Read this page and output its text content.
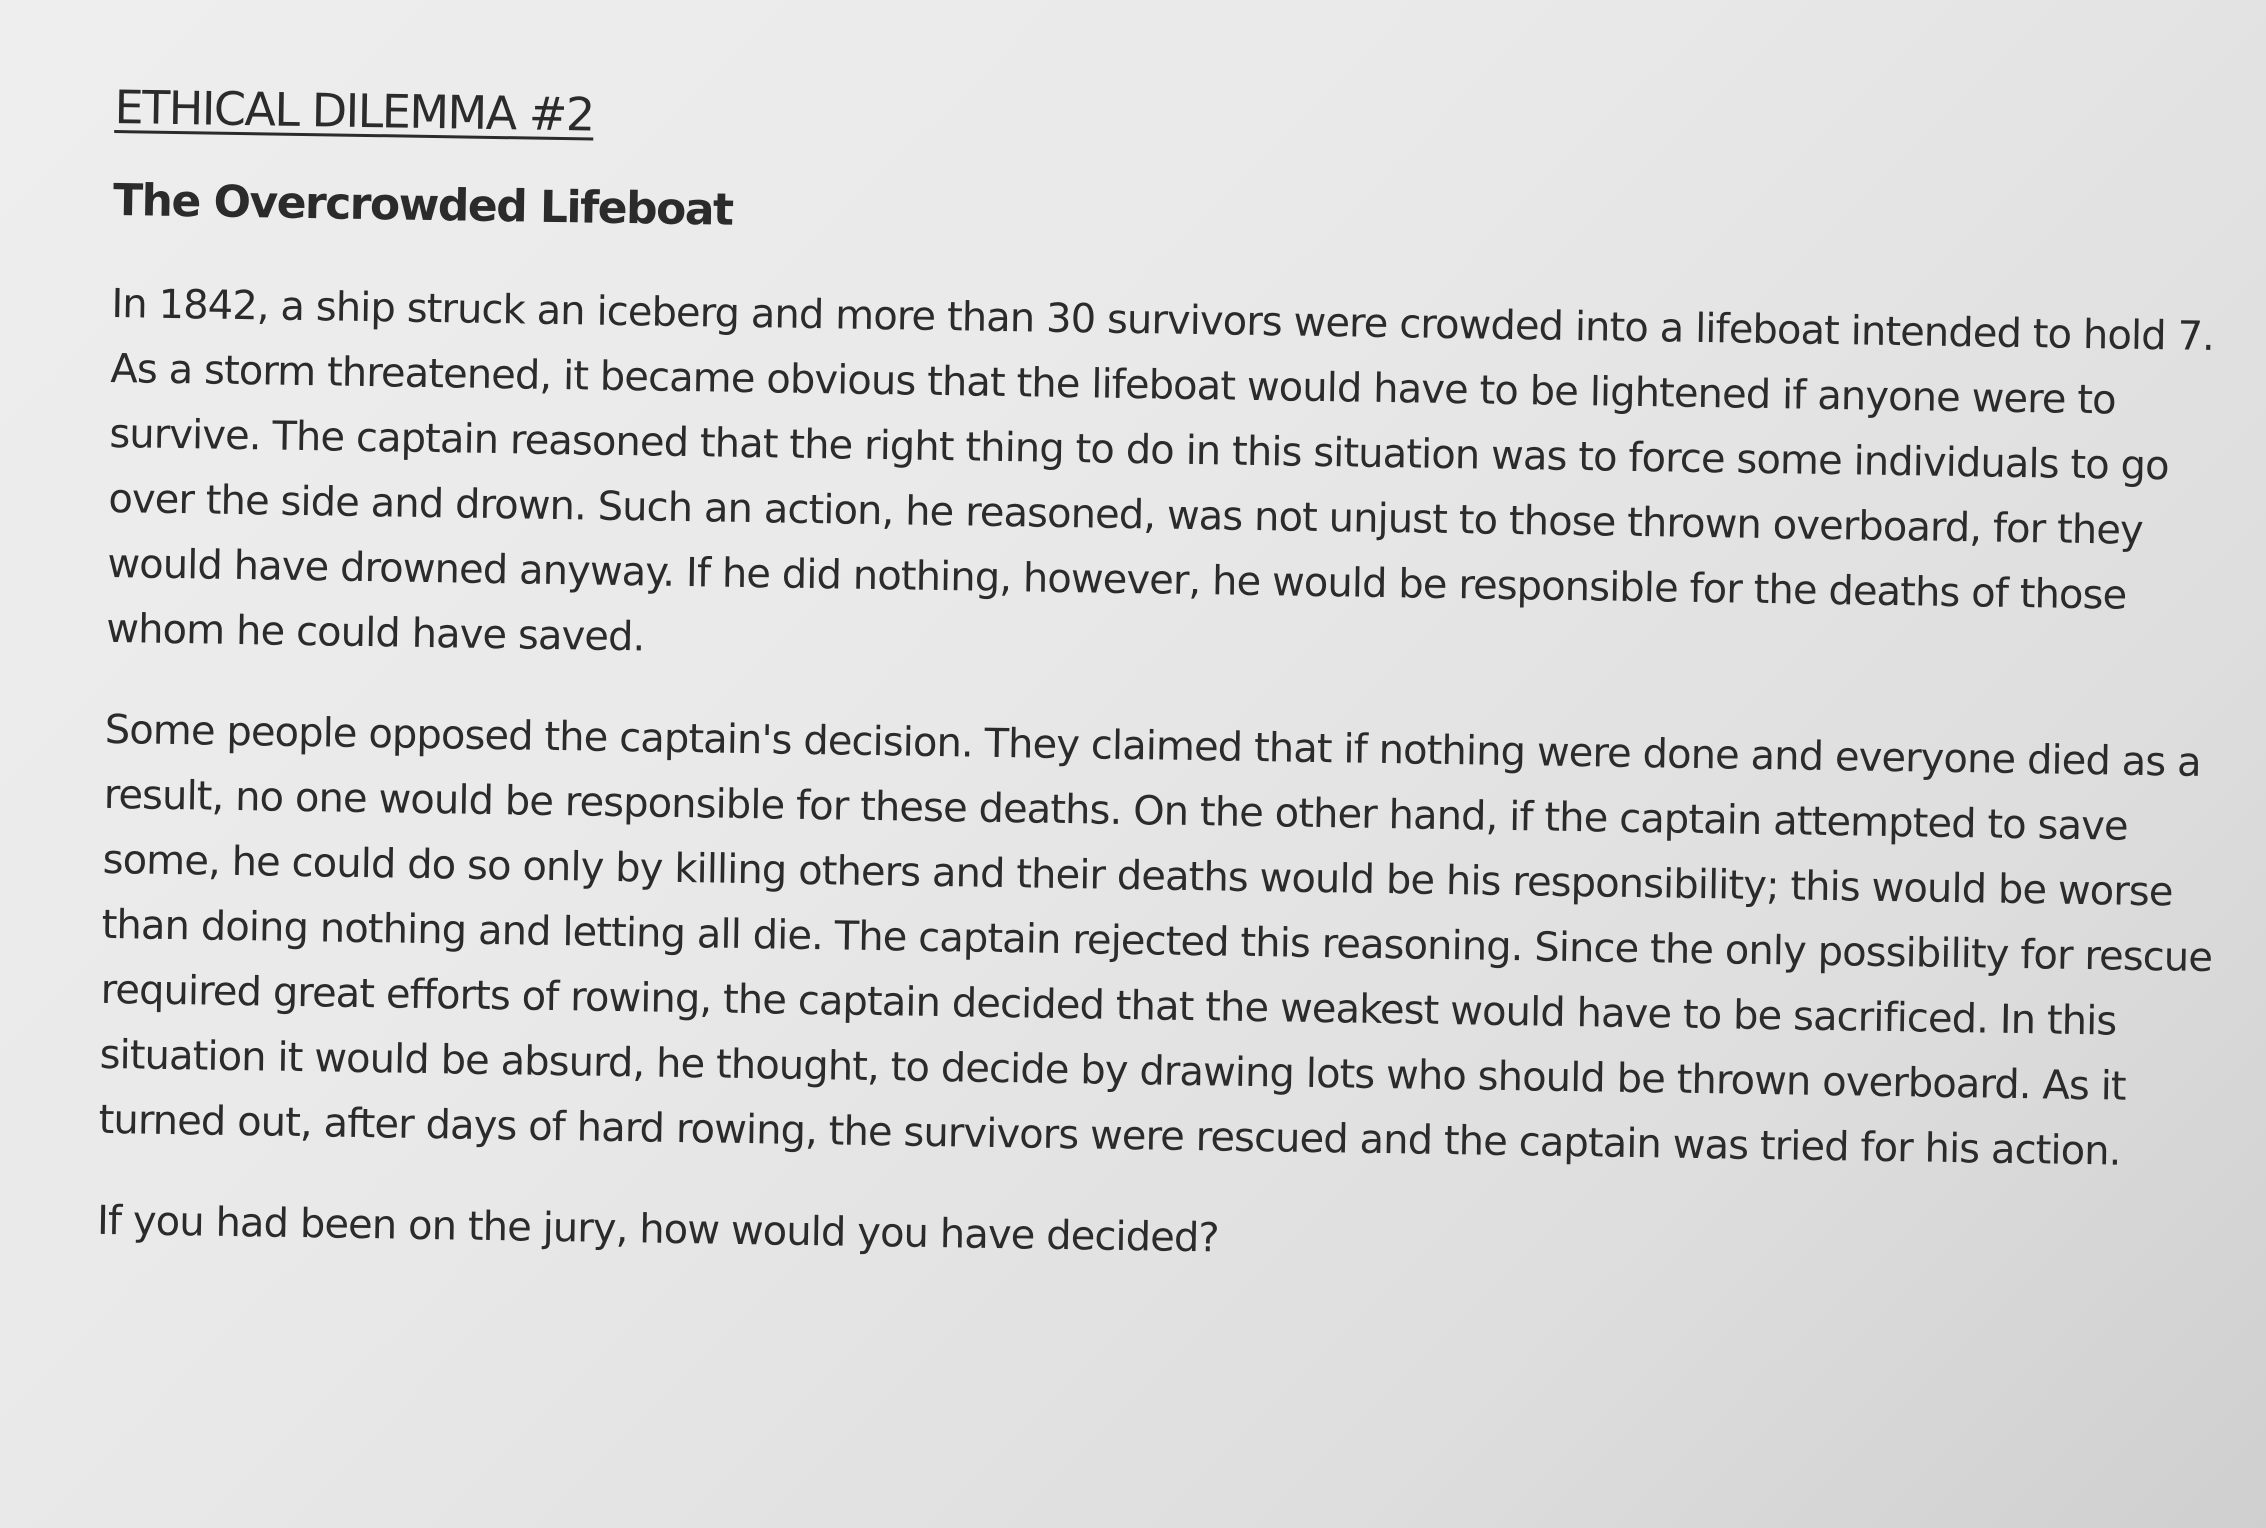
ETHICAL DILEMMA #2
The Overcrowded Lifeboat

In 1842, a ship struck an iceberg and more than 30 survivors were crowded into a lifeboat intended to hold 7. As a storm threatened, it became obvious that the lifeboat would have to be lightened if anyone were to survive. The captain reasoned that the right thing to do in this situation was to force some individuals to go over the side and drown. Such an action, he reasoned, was not unjust to those thrown overboard, for they would have drowned anyway. If he did nothing, however, he would be responsible for the deaths of those whom he could have saved.

Some people opposed the captain's decision. They claimed that if nothing were done and everyone died as a result, no one would be responsible for these deaths. On the other hand, if the captain attempted to save some, he could do so only by killing others and their deaths would be his responsibility; this would be worse than doing nothing and letting all die. The captain rejected this reasoning. Since the only possibility for rescue required great efforts of rowing, the captain decided that the weakest would have to be sacrificed. In this situation it would be absurd, he thought, to decide by drawing lots who should be thrown overboard. As it turned out, after days of hard rowing, the survivors were rescued and the captain was tried for his action.

If you had been on the jury, how would you have decided?
